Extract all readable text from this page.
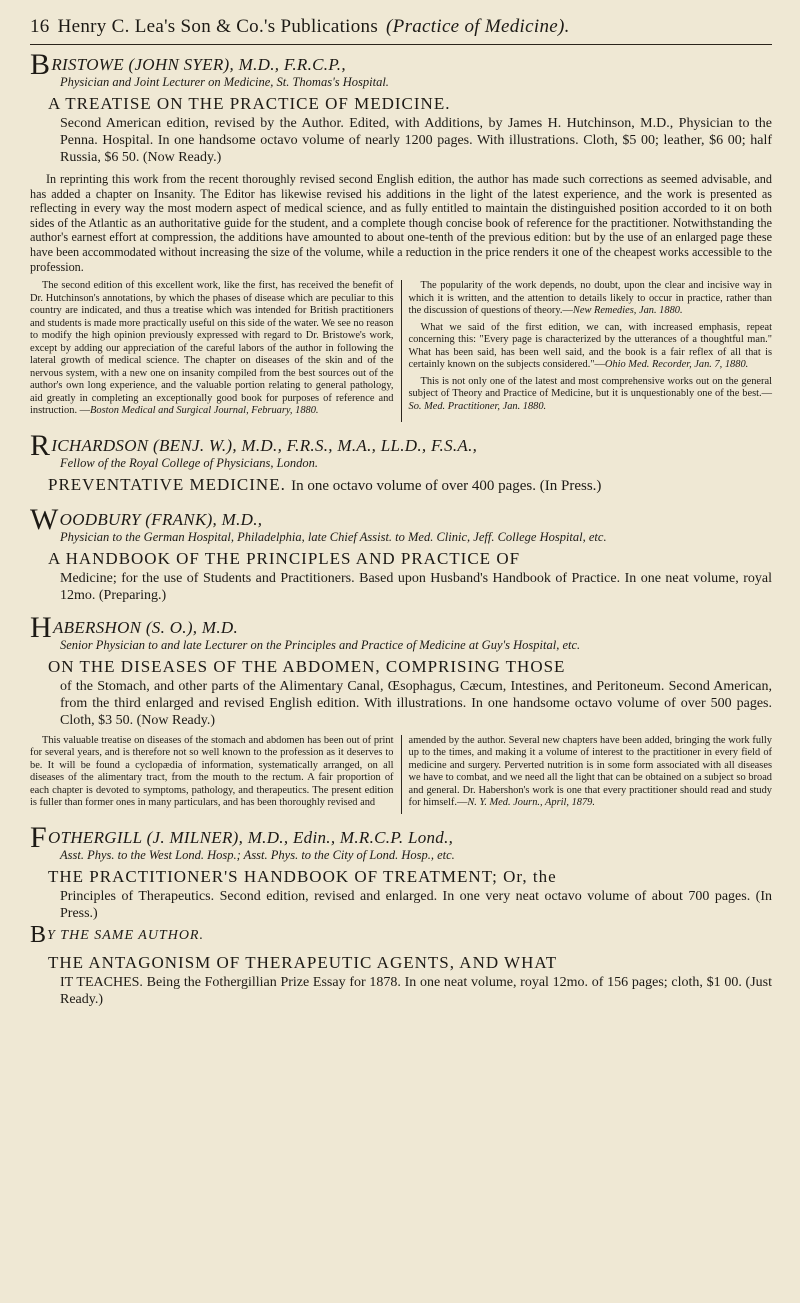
16 Henry C. Lea's Son & Co.'s Publications (Practice of Medicine).

BRISTOWE (JOHN SYER), M.D., F.R.C.P.,

Physician and Joint Lecturer on Medicine, St. Thomas's Hospital.

A TREATISE ON THE PRACTICE OF MEDICINE.

Second American edition, revised by the Author. Edited, with Additions, by James H. Hutchinson, M.D., Physician to the Penna. Hospital. In one handsome octavo volume of nearly 1200 pages. With illustrations. Cloth, $5 00; leather, $6 00; half Russia, $6 50. (Now Ready.)

In reprinting this work from the recent thoroughly revised second English edition, the author has made such corrections as seemed advisable, and has added a chapter on Insanity. The Editor has likewise revised his additions in the light of the latest experience, and the work is presented as reflecting in every way the most modern aspect of medical science, and as fully entitled to maintain the distinguished position accorded to it on both sides of the Atlantic as an authoritative guide for the student, and a complete though concise book of reference for the practitioner. Notwithstanding the author's earnest effort at compression, the additions have amounted to about one-tenth of the previous edition: but by the use of an enlarged page these have been accommodated without increasing the size of the volume, while a reduction in the price renders it one of the cheapest works accessible to the profession.

The second edition of this excellent work, like the first, has received the benefit of Dr. Hutchinson's annotations, by which the phases of disease which are peculiar to this country are indicated, and thus a treatise which was intended for British practitioners and students is made more practically useful on this side of the water. We see no reason to modify the high opinion previously expressed with regard to Dr. Bristowe's work, except by adding our appreciation of the careful labors of the author in following the lateral growth of medical science. The chapter on diseases of the skin and of the nervous system, with a new one on insanity compiled from the best sources out of the author's own long experience, and the valuable portion relating to general pathology, aid greatly in completing an exceptionally good book for purposes of reference and instruction. —Boston Medical and Surgical Journal, February, 1880.

The popularity of the work depends, no doubt, upon the clear and incisive way in which it is written, and the attention to details likely to occur in practice, rather than the discussion of questions of theory.—New Remedies, Jan. 1880.

What we said of the first edition, we can, with increased emphasis, repeat concerning this: "Every page is characterized by the utterances of a thoughtful man." What has been said, has been well said, and the book is a fair reflex of all that is certainly known on the subjects considered."—Ohio Med. Recorder, Jan. 7, 1880.

This is not only one of the latest and most comprehensive works out on the general subject of Theory and Practice of Medicine, but it is unquestionably one of the best.—So. Med. Practitioner, Jan. 1880.

RICHARDSON (BENJ. W.), M.D., F.R.S., M.A., LL.D., F.S.A.,

Fellow of the Royal College of Physicians, London.

PREVENTATIVE MEDICINE. In one octavo volume of over 400 pages. (In Press.)

WOODBURY (FRANK), M.D.,

Physician to the German Hospital, Philadelphia, late Chief Assist. to Med. Clinic, Jeff. College Hospital, etc.

A HANDBOOK OF THE PRINCIPLES AND PRACTICE OF

Medicine; for the use of Students and Practitioners. Based upon Husband's Handbook of Practice. In one neat volume, royal 12mo. (Preparing.)

HABERSHON (S. O.), M.D.

Senior Physician to and late Lecturer on the Principles and Practice of Medicine at Guy's Hospital, etc.

ON THE DISEASES OF THE ABDOMEN, COMPRISING THOSE

of the Stomach, and other parts of the Alimentary Canal, Œsophagus, Cæcum, Intestines, and Peritoneum. Second American, from the third enlarged and revised English edition. With illustrations. In one handsome octavo volume of over 500 pages. Cloth, $3 50. (Now Ready.)

This valuable treatise on diseases of the stomach and abdomen has been out of print for several years, and is therefore not so well known to the profession as it deserves to be. It will be found a cyclopædia of information, systematically arranged, on all diseases of the alimentary tract, from the mouth to the rectum. A fair proportion of each chapter is devoted to symptoms, pathology, and therapeutics. The present edition is fuller than former ones in many particulars, and has been thoroughly revised and

amended by the author. Several new chapters have been added, bringing the work fully up to the times, and making it a volume of interest to the practitioner in every field of medicine and surgery. Perverted nutrition is in some form associated with all diseases we have to combat, and we need all the light that can be obtained on a subject so broad and general. Dr. Habershon's work is one that every practitioner should read and study for himself.—N. Y. Med. Journ., April, 1879.

FOTHERGILL (J. MILNER), M.D., Edin., M.R.C.P. Lond.,

Asst. Phys. to the West Lond. Hosp.; Asst. Phys. to the City of Lond. Hosp., etc.

THE PRACTITIONER'S HANDBOOK OF TREATMENT; Or, the

Principles of Therapeutics. Second edition, revised and enlarged. In one very neat octavo volume of about 700 pages. (In Press.)

BY THE SAME AUTHOR.

THE ANTAGONISM OF THERAPEUTIC AGENTS, AND WHAT

IT TEACHES. Being the Fothergillian Prize Essay for 1878. In one neat volume, royal 12mo. of 156 pages; cloth, $1 00. (Just Ready.)
